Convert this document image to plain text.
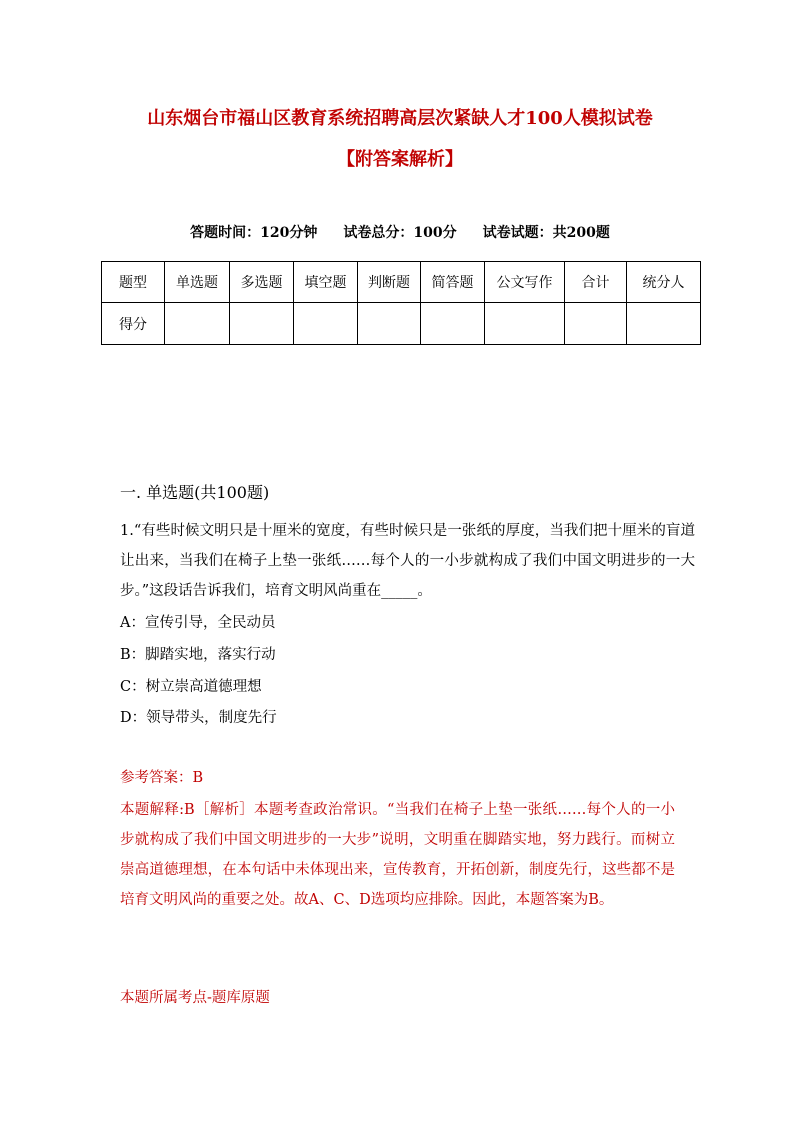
山东烟台市福山区教育系统招聘高层次紧缺人才100人模拟试卷
【附答案解析】
答题时间：120分钟 试卷总分：100分 试卷试题：共200题
题型	单选题	多选题	填空题	判断题	简答题	公文写作	合计	统分人
得分								
一. 单选题(共100题)

1.“有些时候文明只是十厘米的宽度，有些时候只是一张纸的厚度，当我们把十厘米的盲道让出来，当我们在椅子上垫一张纸……每个人的一小步就构成了我们中国文明进步的一大步。”这段话告诉我们，培育文明风尚重在_____。

A：宣传引导，全民动员
B：脚踏实地，落实行动
C：树立崇高道德理想
D：领导带头，制度先行
参考答案：B

本题解释:B［解析］本题考查政治常识。“当我们在椅子上垫一张纸……每个人的一小步就构成了我们中国文明进步的一大步”说明，文明重在脚踏实地，努力践行。而树立崇高道德理想，在本句话中未体现出来，宣传教育，开拓创新，制度先行，这些都不是培育文明风尚的重要之处。故A、C、D选项均应排除。因此，本题答案为B。

本题所属考点-题库原题
